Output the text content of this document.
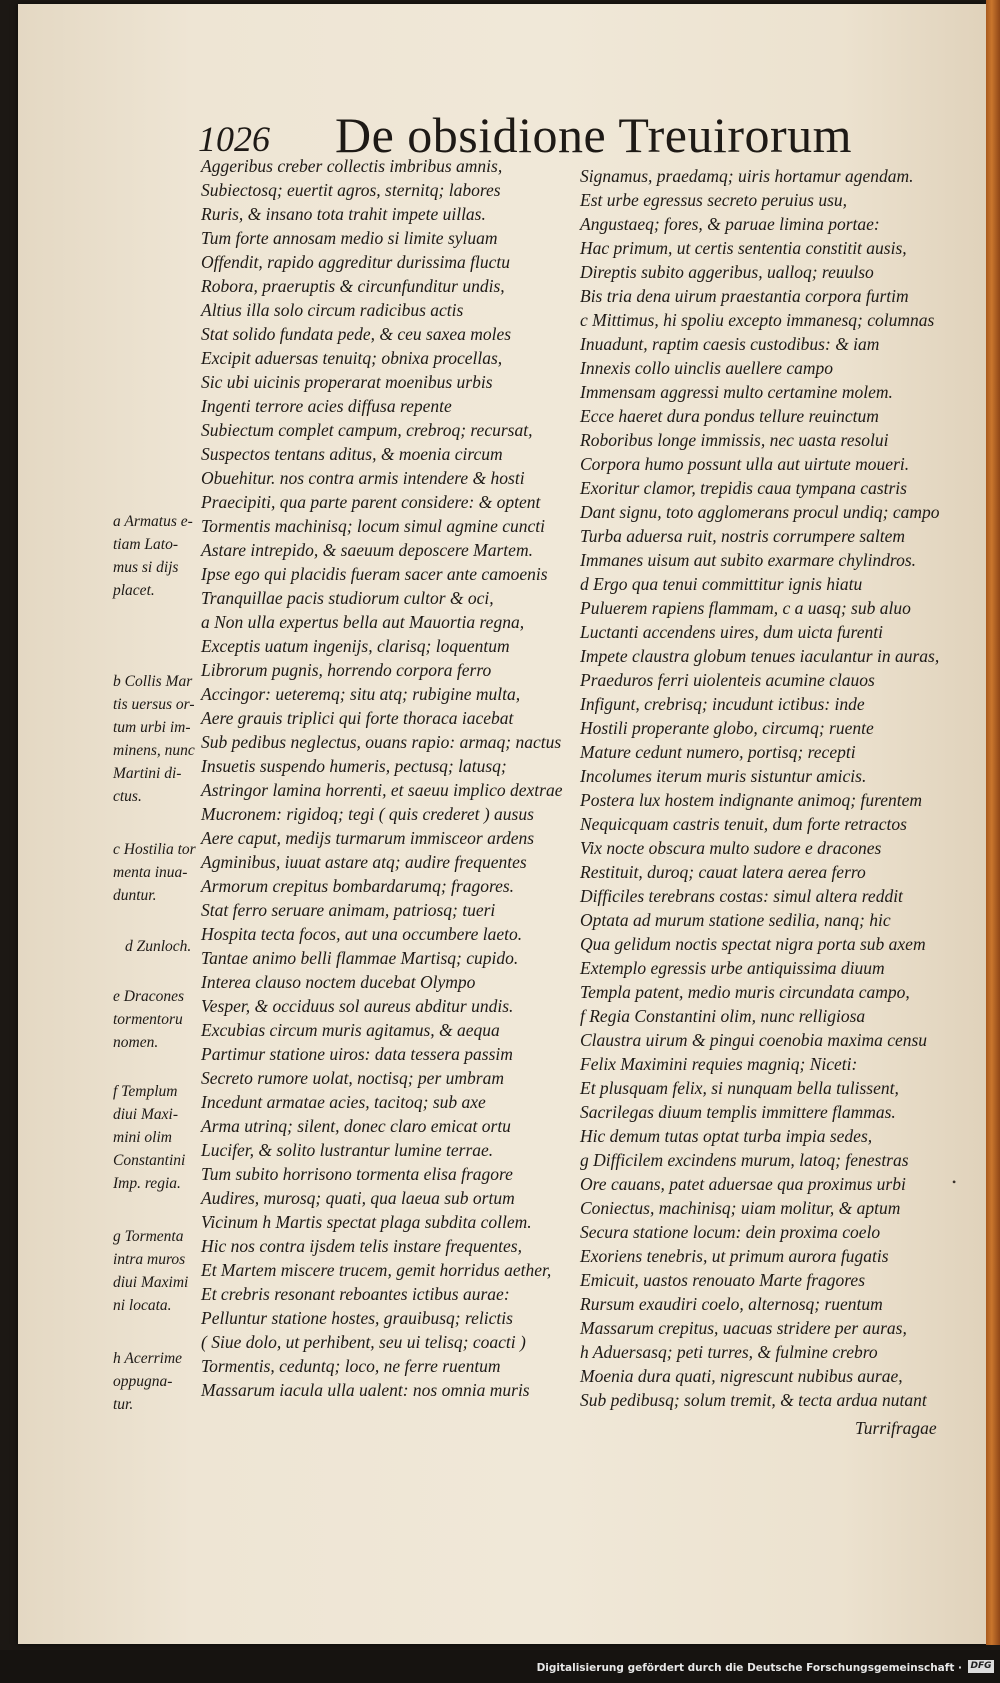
1026 De obsidione Treuirorum
Aggeribus creber collectis imbribus amnis,
Subiectosq; euertit agros, sternitq; labores
Ruris, & insano tota trahit impete uillas.
Tum forte annosam medio si limite syluam
Offendit, rapido aggreditur durissima fluctu
Robora, praeruptis & circunfunditur undis,
Altius illa solo circum radicibus actis
Stat solido fundata pede, & ceu saxea moles
Excipit aduersas tenuitq; obnixa procellas,
Sic ubi uicinis properarat moenibus urbis
Ingenti terrore acies diffusa repente
Subiectum complet campum, crebroq; recursat,
Suspectos tentans aditus, & moenia circum
Obuehitur. nos contra armis intendere & hosti
Praecipiti, qua parte parent considere: & optent
Tormentis machinisq; locum simul agmine cuncti
Astare intrepido, & saeuum deposcere Martem.
Ipse ego qui placidis fueram sacer ante camoenis
Tranquillae pacis studiorum cultor & oci,
a Non ulla expertus bella aut Mauortia regna,
Exceptis uatum ingenijs, clarisq; loquentum
Librorum pugnis, horrendo corpora ferro
Accingor: ueteremq; situ atq; rubigine multa,
Aere grauis triplici qui forte thoraca iacebat
Sub pedibus neglectus, ouans rapio: armaq; nactus
Insuetis suspendo humeris, pectusq; latusq;
Astringor lamina horrenti, et saeuu implico dextrae
Mucronem: rigidoq; tegi ( quis crederet ) ausus
Aere caput, medijs turmarum immisceor ardens
Agminibus, iuuat astare atq; audire frequentes
Armorum crepitus bombardarumq; fragores.
Stat ferro seruare animam, patriosq; tueri
Hospita tecta focos, aut una occumbere laeto.
Tantae animo belli flammae Martisq; cupido.
Interea clauso noctem ducebat Olympo
Vesper, & occiduus sol aureus abditur undis.
Excubias circum muris agitamus, & aequa
Partimur statione uiros: data tessera passim
Secreto rumore uolat, noctisq; per umbram
Incedunt armatae acies, tacitoq; sub axe
Arma utrinq; silent, donec claro emicat ortu
Lucifer, & solito lustrantur lumine terrae.
Tum subito horrisono tormenta elisa fragore
Audires, murosq; quati, qua laeua sub ortum
Vicinum h Martis spectat plaga subdita collem.
Hic nos contra ijsdem telis instare frequentes,
Et Martem miscere trucem, gemit horridus aether,
Et crebris resonant reboantes ictibus aurae:
Pelluntur statione hostes, grauibusq; relictis
( Siue dolo, ut perhibent, seu ui telisq; coacti )
Tormentis, ceduntq; loco, ne ferre ruentum
Massarum iacula ulla ualent: nos omnia muris
Signamus, praedamq; uiris hortamur agendam.
Est urbe egressus secreto peruius usu,
Angustaeq; fores, & paruae limina portae:
Hac primum, ut certis sententia constitit ausis,
Direptis subito aggeribus, ualloq; reuulso
Bis tria dena uirum praestantia corpora furtim
c Mittimus, hi spoliu excepto immanesq; columnas
Inuadunt, raptim caesis custodibus: & iam
Innexis collo uinclis auellere campo
Immensam aggressi multo certamine molem.
Ecce haeret dura pondus tellure reuinctum
Roboribus longe immissis, nec uasta resolui
Corpora humo possunt ulla aut uirtute moueri.
Exoritur clamor, trepidis caua tympana castris
Dant signu, toto agglomerans procul undiq; campo
Turba aduersa ruit, nostris corrumpere saltem
Immanes uisum aut subito exarmare chylindros.
d Ergo qua tenui committitur ignis hiatu
Puluerem rapiens flammam, c a uasq; sub aluo
Luctanti accendens uires, dum uicta furenti
Impete claustra globum tenues iaculantur in auras,
Praeduros ferri uiolenteis acumine clauos
Infigunt, crebrisq; incudunt ictibus: inde
Hostili properante globo, circumq; ruente
Mature cedunt numero, portisq; recepti
Incolumes iterum muris sistuntur amicis.
Postera lux hostem indignante animoq; furentem
Nequicquam castris tenuit, dum forte retractos
Vix nocte obscura multo sudore e dracones
Restituit, duroq; cauat latera aerea ferro
Difficiles terebrans costas: simul altera reddit
Optata ad murum statione sedilia, nanq; hic
Qua gelidum noctis spectat nigra porta sub axem
Extemplo egressis urbe antiquissima diuum
Templa patent, medio muris circundata campo,
f Regia Constantini olim, nunc relligiosa
Claustra uirum & pingui coenobia maxima censu
Felix Maximini requies magniq; Niceti:
Et plusquam felix, si nunquam bella tulissent,
Sacrilegas diuum templis immittere flammas.
Hic demum tutas optat turba impia sedes,
g Difficilem excindens murum, latoq; fenestras
Ore cauans, patet aduersae qua proximus urbi
Coniectus, machinisq; uiam molitur, & aptum
Secura statione locum: dein proxima coelo
Exoriens tenebris, ut primum aurora fugatis
Emicuit, uastos renouato Marte fragores
Rursum exaudiri coelo, alternosq; ruentum
Massarum crepitus, uacuas stridere per auras,
h Aduersasq; peti turres, & fulmine crebro
Moenia dura quati, nigrescunt nubibus aurae,
Sub pedibusq; solum tremit, & tecta ardua nutant
a Armatus e-
tiam Lato-
mus si dijs
placet.
b Collis Mar
tis uersus or-
tum urbi im-
minens, nunc
Martini di-
ctus.
c Hostilia tor
menta inua-
duntur.
d Zunloch.
e Dracones
tormentoru
nomen.
f Templum
diui Maxi-
mini olim
Constantini
Imp. regia.
g Tormenta
intra muros
diui Maximi
ni locata.
h Acerrime
oppugna-
tur.
Turrifragae
•
Digitalisierung gefördert durch die Deutsche Forschungsgemeinschaft · DFG
